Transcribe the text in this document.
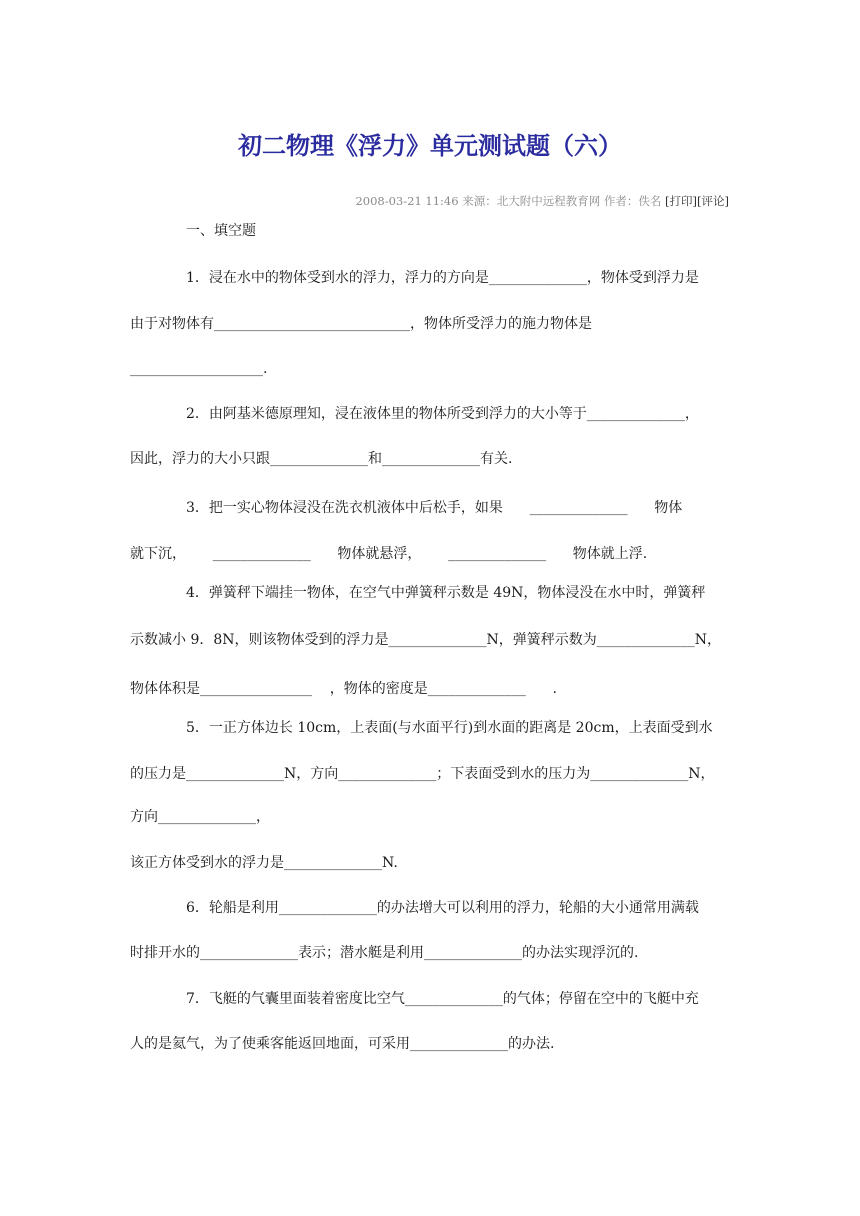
初二物理《浮力》单元测试题（六）
2008-03-21 11:46 来源：北大附中远程教育网 作者：佚名 [打印][评论]
一、填空题
1．浸在水中的物体受到水的浮力，浮力的方向是______________，物体受到浮力是
由于对物体有____________________________，物体所受浮力的施力物体是
___________________.
2．由阿基米德原理知，浸在液体里的物体所受到浮力的大小等于______________，
因此，浮力的大小只跟______________和______________有关.
3．把一实心物体浸没在洗衣机液体中后松手，如果      ______________      物体
就下沉，      ______________      物体就悬浮，      ______________      物体就上浮.
4．弹簧秤下端挂一物体，在空气中弹簧秤示数是 49N，物体浸没在水中时，弹簧秤
示数减小 9．8N，则该物体受到的浮力是______________N，弹簧秤示数为______________N，
物体体积是________________    ，物体的密度是______________      .
5．一正方体边长 10cm，上表面(与水面平行)到水面的距离是 20cm，上表面受到水
的压力是______________N，方向______________；下表面受到水的压力为______________N，
方向______________，
该正方体受到水的浮力是______________N.
6．轮船是利用______________的办法增大可以利用的浮力，轮船的大小通常用满载
时排开水的______________表示；潜水艇是利用______________的办法实现浮沉的.
7．飞艇的气囊里面装着密度比空气______________的气体；停留在空中的飞艇中充
人的是氦气，为了使乘客能返回地面，可采用______________的办法.
